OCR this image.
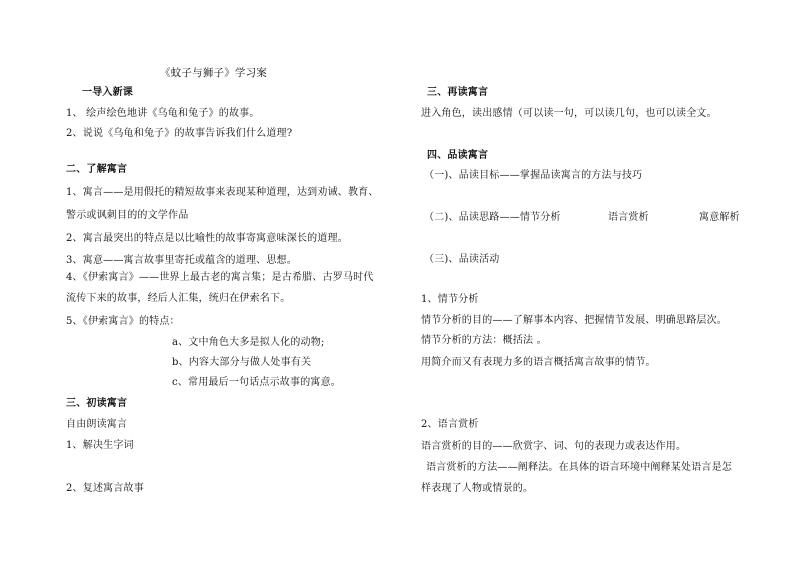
《蚊子与狮子》学习案
一导入新课
1、 绘声绘色地讲《乌龟和兔子》的故事。
2、说说《乌龟和兔子》的故事告诉我们什么道理?
二、了解寓言
1、寓言——是用假托的精短故事来表现某种道理，达到劝诫、教育、
警示或讽刺目的的文学作品
2、寓言最突出的特点是以比喻性的故事寄寓意味深长的道理。
3、寓意——寓言故事里寄托或蕴含的道理、思想。
4、《伊索寓言》——世界上最古老的寓言集；是古希腊、古罗马时代
流传下来的故事，经后人汇集，统归在伊索名下。
5、《伊索寓言》的特点：
a、文中角色大多是拟人化的动物;
b、内容大部分与做人处事有关
c、常用最后一句话点示故事的寓意。
三、初读寓言
自由朗读寓言
1、解决生字词
2、复述寓言故事
三、再读寓言
进入角色，读出感情（可以读一句，可以读几句，也可以读全文。
四、品读寓言
（一)、品读目标——掌握品读寓言的方法与技巧
（二)、品读思路——情节分析	语言赏析	寓意解析
（三)、品读活动
1、情节分析
情节分析的目的——了解事本内容、把握情节发展、明确思路层次。
情节分析的方法：概括法 。
用简介而又有表现力多的语言概括寓言故事的情节。
2、语言赏析
语言赏析的目的——欣赏字、词、句的表现力或表达作用。
语言赏析的方法——阐释法。在具体的语言环境中阐释某处语言是怎
样表现了人物或情景的。
